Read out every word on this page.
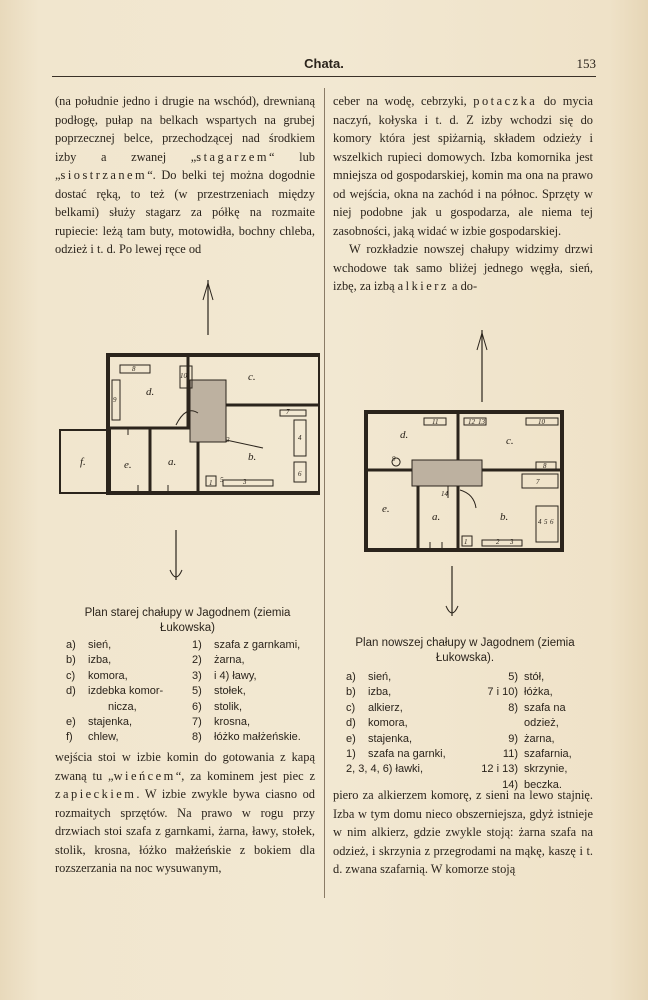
Chata.	153

(na południe jedno i drugie na wschód), drewnianą podłogę, pułap na belkach wspartych na grubej poprzecznej belce, przechodzącej nad środkiem izby a zwanej „stagarzem“ lub „siostrzanem“. Do belki tej można dogodnie dostać ręką, to też (w przestrzeniach między belkami) służy stagarz za półkę na rozmaite rupiecie: leżą tam buty, motowidła, bochny chleba, odzież i t. d. Po lewej ręce od

ceber na wodę, cebrzyki, potaczka do mycia naczyń, kołyska i t. d. Z izby wchodzi się do komory która jest spiżarnią, składem odzieży i wszelkich rupieci domowych. Izba komornika jest mniejsza od gospodarskiej, komin ma ona na prawo od wejścia, okna na zachód i na północ. Sprzęty w niej podobne jak u gospodarza, ale niema tej zasobności, jaką widać w izbie gospodarskiej.

W rozkładzie nowszej chałupy widzimy drzwi wchodowe tak samo bliżej jednego węgła, sień, izbę, za izbą alkierz a do-

d.
c.
a.	b.
e.
f.
1
2
3
4
5
6
7
8
9
10
Plan starej chałupy w Jagodnem (ziemia
Łukowska)
a)	sień,
b)	izba,
c)	komora,
d)	izdebka komor-
nicza,
e)	stajenka,
f)	chlew,
1)	szafa z garnkami,
2)	żarna,
3)	i 4) ławy,
5)	stołek,
6)	stolik,
7)	krosna,
8)	łóżko małżeńskie.
d.	c.
a.	b.
e.
1	2 3
4 5 6
7
8
9
10
11	12 13
14
Plan nowszej chałupy w Jagodnem (ziemia
Łukowska).
a)	sień,
b)	izba,
c)	alkierz,
d)	komora,
e)	stajenka,
1)	szafa na garnki,
2, 3, 4, 6) ławki,
5) stół,
7 i 10) łóżka,
8) szafa na odzież,
9) żarna,
11) szafarnia,
12 i 13) skrzynie,
14) beczka.

wejścia stoi w izbie komin do gotowania z kapą zwaną tu „wieńcem“, za kominem jest piec z zapieckiem. W izbie zwykle bywa ciasno od rozmaitych sprzętów. Na prawo w rogu przy drzwiach stoi szafa z garnkami, żarna, ławy, stołek, stolik, krosna, łóżko małżeńskie z bokiem dla rozszerzania na noc wysuwanym,

piero za alkierzem komorę, z sieni na lewo stajnię. Izba w tym domu nieco obszerniejsza, gdyż istnieje w nim alkierz, gdzie zwykle stoją: żarna szafa na odzież, i skrzynia z przegrodami na mąkę, kaszę i t. d. zwana szafarnią. W komorze stoją
